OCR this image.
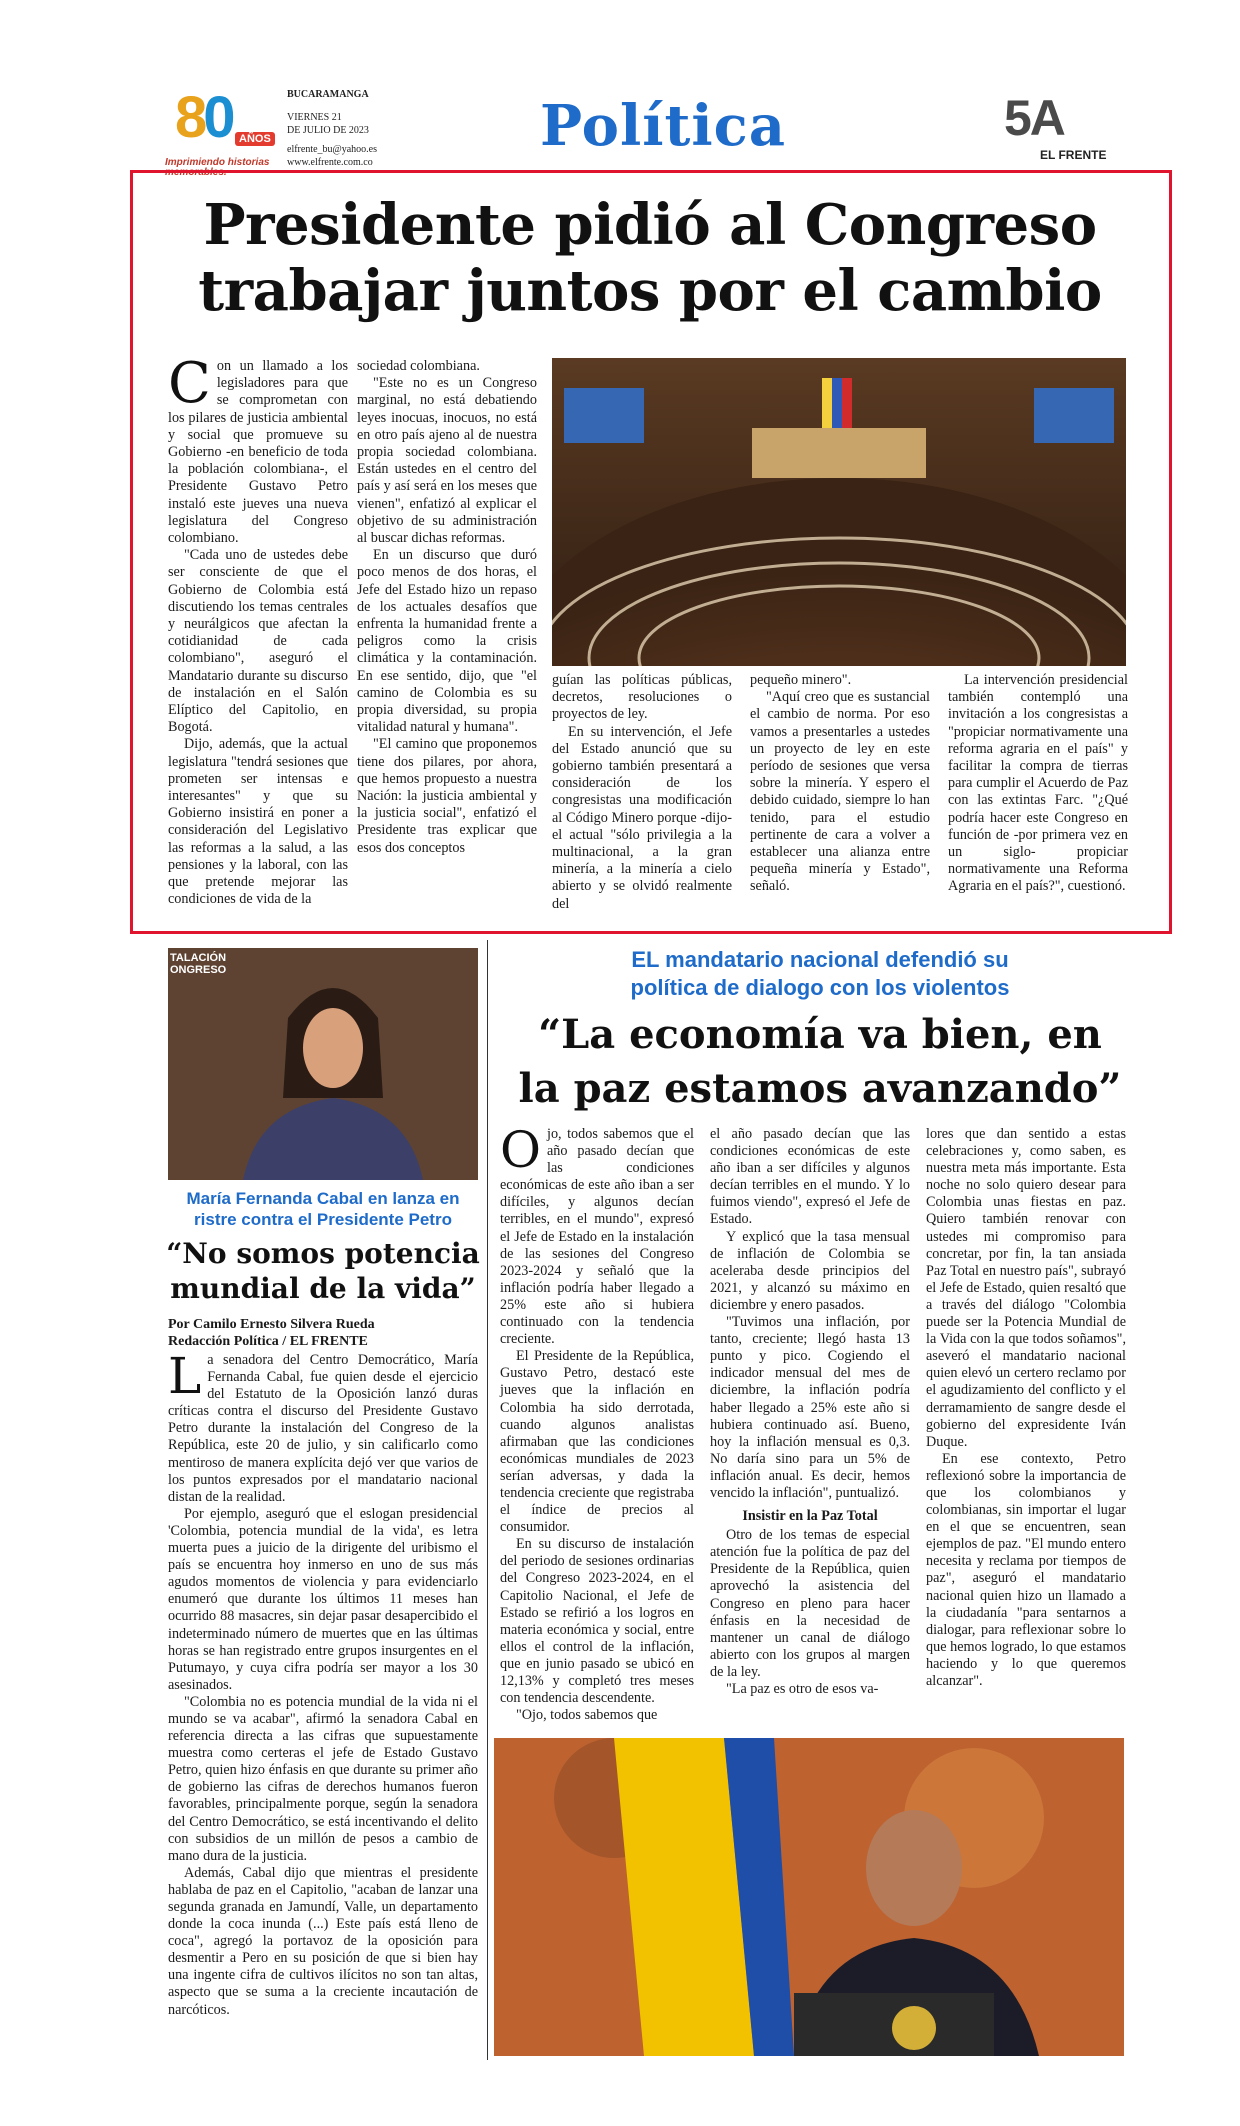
80 AÑOS
Imprimiendo historias memorables.
BUCARAMANGA
VIERNES 21
DE JULIO DE 2023
elfrente_bu@yahoo.es
www.elfrente.com.co
Política	5A
EL FRENTE
Presidente pidió al Congreso
trabajar juntos por el cambio
C on un llamado a los legisladores para que se comprometan con los pilares de justicia ambiental y social que promueve su Gobierno -en beneficio de toda la población colombiana-, el Presidente Gustavo Petro instaló este jueves una nueva legislatura del Congreso colombiano.

"Cada uno de ustedes debe ser consciente de que el Gobierno de Colombia está discutiendo los temas centrales y neurálgicos que afectan la cotidianidad de cada colombiano", aseguró el Mandatario durante su discurso de instalación en el Salón Elíptico del Capitolio, en Bogotá.

Dijo, además, que la actual legislatura "tendrá sesiones que prometen ser intensas e interesantes" y que su Gobierno insistirá en poner a consideración del Legislativo las reformas a la salud, a las pensiones y la laboral, con las que pretende mejorar las condiciones de vida de la

sociedad colombiana.

"Este no es un Congreso marginal, no está debatiendo leyes inocuas, inocuos, no está en otro país ajeno al de nuestra propia sociedad colombiana. Están ustedes en el centro del país y así será en los meses que vienen", enfatizó al explicar el objetivo de su administración al buscar dichas reformas.

En un discurso que duró poco menos de dos horas, el Jefe del Estado hizo un repaso de los actuales desafíos que enfrenta la humanidad frente a peligros como la crisis climática y la contaminación. En ese sentido, dijo, que "el camino de Colombia es su propia diversidad, su propia vitalidad natural y humana".

"El camino que proponemos tiene dos pilares, por ahora, que hemos propuesto a nuestra Nación: la justicia ambiental y la justicia social", enfatizó el Presidente tras explicar que esos dos conceptos

guían las políticas públicas, decretos, resoluciones o proyectos de ley.

En su intervención, el Jefe del Estado anunció que su gobierno también presentará a consideración de los congresistas una modificación al Código Minero porque -dijo- el actual "sólo privilegia a la multinacional, a la gran minería, a la minería a cielo abierto y se olvidó realmente del

pequeño minero".

"Aquí creo que es sustancial el cambio de norma. Por eso vamos a presentarles a ustedes un proyecto de ley en este período de sesiones que versa sobre la minería. Y espero el debido cuidado, siempre lo han tenido, para el estudio pertinente de cara a volver a establecer una alianza entre pequeña minería y Estado", señaló.

La intervención presidencial también contempló una invitación a los congresistas a "propiciar normativamente una reforma agraria en el país" y facilitar la compra de tierras para cumplir el Acuerdo de Paz con las extintas Farc. "¿Qué podría hacer este Congreso en función de -por primera vez en un siglo- propiciar normativamente una Reforma Agraria en el país?", cuestionó.

TALACIÓN
ONGRESO
María Fernanda Cabal en lanza en
ristre contra el Presidente Petro
“No somos potencia
mundial de la vida”
Por Camilo Ernesto Silvera Rueda
Redacción Política / EL FRENTE
L a senadora del Centro Democrático, María Fernanda Cabal, fue quien desde el ejercicio del Estatuto de la Oposición lanzó duras críticas contra el discurso del Presidente Gustavo Petro durante la instalación del Congreso de la República, este 20 de julio, y sin calificarlo como mentiroso de manera explícita dejó ver que varios de los puntos expresados por el mandatario nacional distan de la realidad.

Por ejemplo, aseguró que el eslogan presidencial 'Colombia, potencia mundial de la vida', es letra muerta pues a juicio de la dirigente del uribismo el país se encuentra hoy inmerso en uno de sus más agudos momentos de violencia y para evidenciarlo enumeró que durante los últimos 11 meses han ocurrido 88 masacres, sin dejar pasar desapercibido el indeterminado número de muertes que en las últimas horas se han registrado entre grupos insurgentes en el Putumayo, y cuya cifra podría ser mayor a los 30 asesinados.

"Colombia no es potencia mundial de la vida ni el mundo se va acabar", afirmó la senadora Cabal en referencia directa a las cifras que supuestamente muestra como certeras el jefe de Estado Gustavo Petro, quien hizo énfasis en que durante su primer año de gobierno las cifras de derechos humanos fueron favorables, principalmente porque, según la senadora del Centro Democrático, se está incentivando el delito con subsidios de un millón de pesos a cambio de mano dura de la justicia.

Además, Cabal dijo que mientras el presidente hablaba de paz en el Capitolio, "acaban de lanzar una segunda granada en Jamundí, Valle, un departamento donde la coca inunda (...) Este país está lleno de coca", agregó la portavoz de la oposición para desmentir a Pero en su posición de que si bien hay una ingente cifra de cultivos ilícitos no son tan altas, aspecto que se suma a la creciente incautación de narcóticos.

EL mandatario nacional defendió su
política de dialogo con los violentos
“La economía va bien, en
la paz estamos avanzando”
O jo, todos sabemos que el año pasado decían que las condiciones económicas de este año iban a ser difíciles, y algunos decían terribles, en el mundo", expresó el Jefe de Estado en la instalación de las sesiones del Congreso 2023-2024 y señaló que la inflación podría haber llegado a 25% este año si hubiera continuado con la tendencia creciente.

El Presidente de la República, Gustavo Petro, destacó este jueves que la inflación en Colombia ha sido derrotada, cuando algunos analistas afirmaban que las condiciones económicas mundiales de 2023 serían adversas, y dada la tendencia creciente que registraba el índice de precios al consumidor.

En su discurso de instalación del periodo de sesiones ordinarias del Congreso 2023-2024, en el Capitolio Nacional, el Jefe de Estado se refirió a los logros en materia económica y social, entre ellos el control de la inflación, que en junio pasado se ubicó en 12,13% y completó tres meses con tendencia descendente.

"Ojo, todos sabemos que

el año pasado decían que las condiciones económicas de este año iban a ser difíciles y algunos decían terribles en el mundo. Y lo fuimos viendo", expresó el Jefe de Estado.

Y explicó que la tasa mensual de inflación de Colombia se aceleraba desde principios del 2021, y alcanzó su máximo en diciembre y enero pasados.

"Tuvimos una inflación, por tanto, creciente; llegó hasta 13 punto y pico. Cogiendo el indicador mensual del mes de diciembre, la inflación podría haber llegado a 25% este año si hubiera continuado así. Bueno, hoy la inflación mensual es 0,3. No daría sino para un 5% de inflación anual. Es decir, hemos vencido la inflación", puntualizó.

Insistir en la Paz Total

Otro de los temas de especial atención fue la política de paz del Presidente de la República, quien aprovechó la asistencia del Congreso en pleno para hacer énfasis en la necesidad de mantener un canal de diálogo abierto con los grupos al margen de la ley.

"La paz es otro de esos va-

lores que dan sentido a estas celebraciones y, como saben, es nuestra meta más importante. Esta noche no solo quiero desear para Colombia unas fiestas en paz. Quiero también renovar con ustedes mi compromiso para concretar, por fin, la tan ansiada Paz Total en nuestro país", subrayó el Jefe de Estado, quien resaltó que a través del diálogo "Colombia puede ser la Potencia Mundial de la Vida con la que todos soñamos", aseveró el mandatario nacional quien elevó un certero reclamo por el agudizamiento del conflicto y el derramamiento de sangre desde el gobierno del expresidente Iván Duque.

En ese contexto, Petro reflexionó sobre la importancia de que los colombianos y colombianas, sin importar el lugar en el que se encuentren, sean ejemplos de paz. "El mundo entero necesita y reclama por tiempos de paz", aseguró el mandatario nacional quien hizo un llamado a la ciudadanía "para sentarnos a dialogar, para reflexionar sobre lo que hemos logrado, lo que estamos haciendo y lo que queremos alcanzar".
